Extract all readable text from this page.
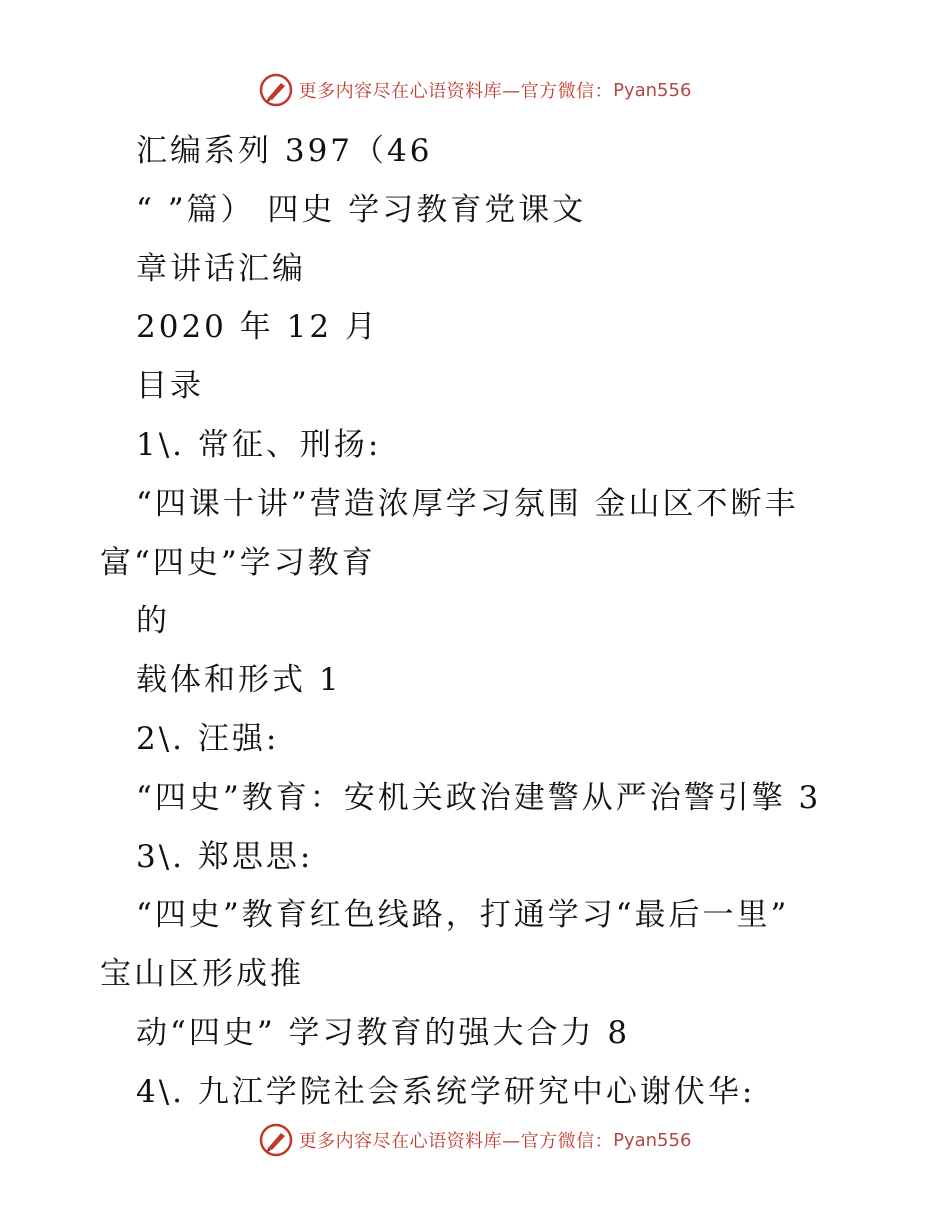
更多内容尽在心语资料库—官方微信： Pyan556
汇编系列 397（46
“ ”篇） 四史 学习教育党课文
章讲话汇编
2020 年 12 月
目录
1\. 常征、刑扬:
“四课十讲”营造浓厚学习氛围 金山区不断丰
富“四史”学习教育
的
载体和形式 1
2\. 汪强:
“四史”教育：安机关政治建警从严治警引擎 3
3\. 郑思思:
“四史”教育红色线路，打通学习“最后一里”
宝山区形成推
动“四史” 学习教育的强大合力 8
4\. 九江学院社会系统学研究中心谢伏华:
更多内容尽在心语资料库—官方微信： Pyan556
